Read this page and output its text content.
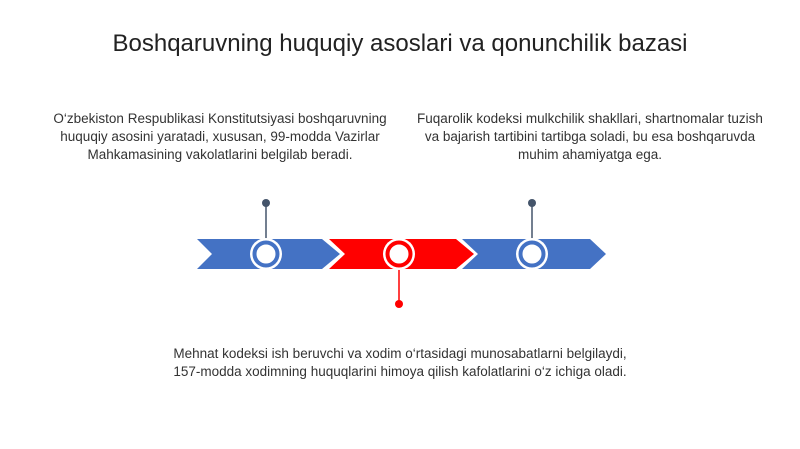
Boshqaruvning huquqiy asoslari va qonunchilik bazasi
O‘zbekiston Respublikasi Konstitutsiyasi boshqaruvning huquqiy asosini yaratadi, xususan, 99-modda Vazirlar Mahkamasining vakolatlarini belgilab beradi.
Fuqarolik kodeksi mulkchilik shakllari, shartnomalar tuzish va bajarish tartibini tartibga soladi, bu esa boshqaruvda muhim ahamiyatga ega.
Mehnat kodeksi ish beruvchi va xodim o‘rtasidagi munosabatlarni belgilaydi, 157-modda xodimning huquqlarini himoya qilish kafolatlarini o‘z ichiga oladi.
